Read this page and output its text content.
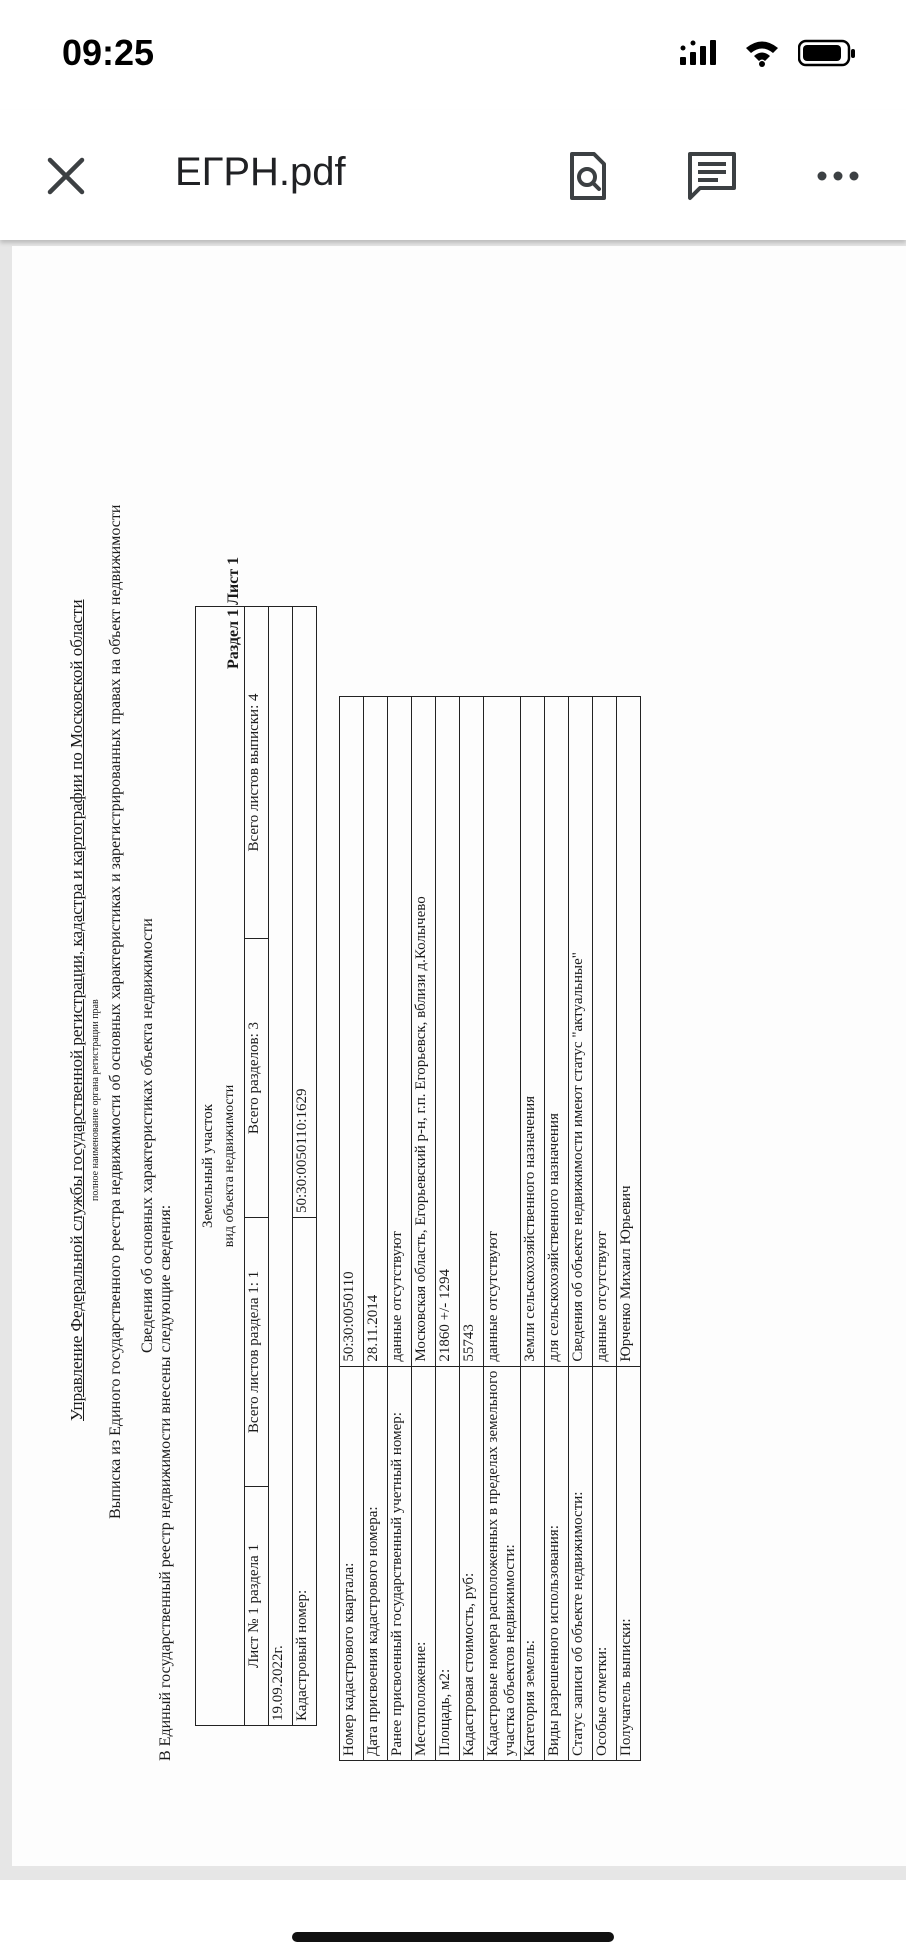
09:25
ЕГРН.pdf
Управление Федеральной службы государственной регистрации, кадастра и картографии по Московской области полное наименование органа регистрации прав
Раздел 1 Лист 1
Выписка из Единого государственного реестра недвижимости об основных характеристиках и зарегистрированных правах на объект недвижимости Сведения об основных характеристиках объекта недвижимости
В Единый государственный реестр недвижимости внесены следующие сведения:
Земельный участок			
вид объекта недвижимости			
Лист № 1 раздела 1	Всего листов раздела 1: 1	Всего разделов: 3	Всего листов выписки: 4
19.09.2022г.			
Кадастровый номер:		50:30:0050110:1629	
Номер кадастрового квартала:	50:30:0050110
Дата присвоения кадастрового номера:	28.11.2014
Ранее присвоенный государственный учетный номер:	данные отсутствуют
Местоположение:	Московская область, Егорьевский р-н, г.п. Егорьевск, вблизи д.Колычево
Площадь, м2:	21860 +/- 1294
Кадастровая стоимость, руб:	55743

Кадастровые номера расположенных в пределах земельного участка объектов недвижимости:	данные отсутствуют
Категория земель:	Земли сельскохозяйственного назначения
Виды разрешенного использования:	для сельскохозяйственного назначения
Статус записи об объекте недвижимости:	Сведения об объекте недвижимости имеют статус "актуальные"
Особые отметки:	данные отсутствуют
Получатель выписки:	Юрченко Михаил Юрьевич
